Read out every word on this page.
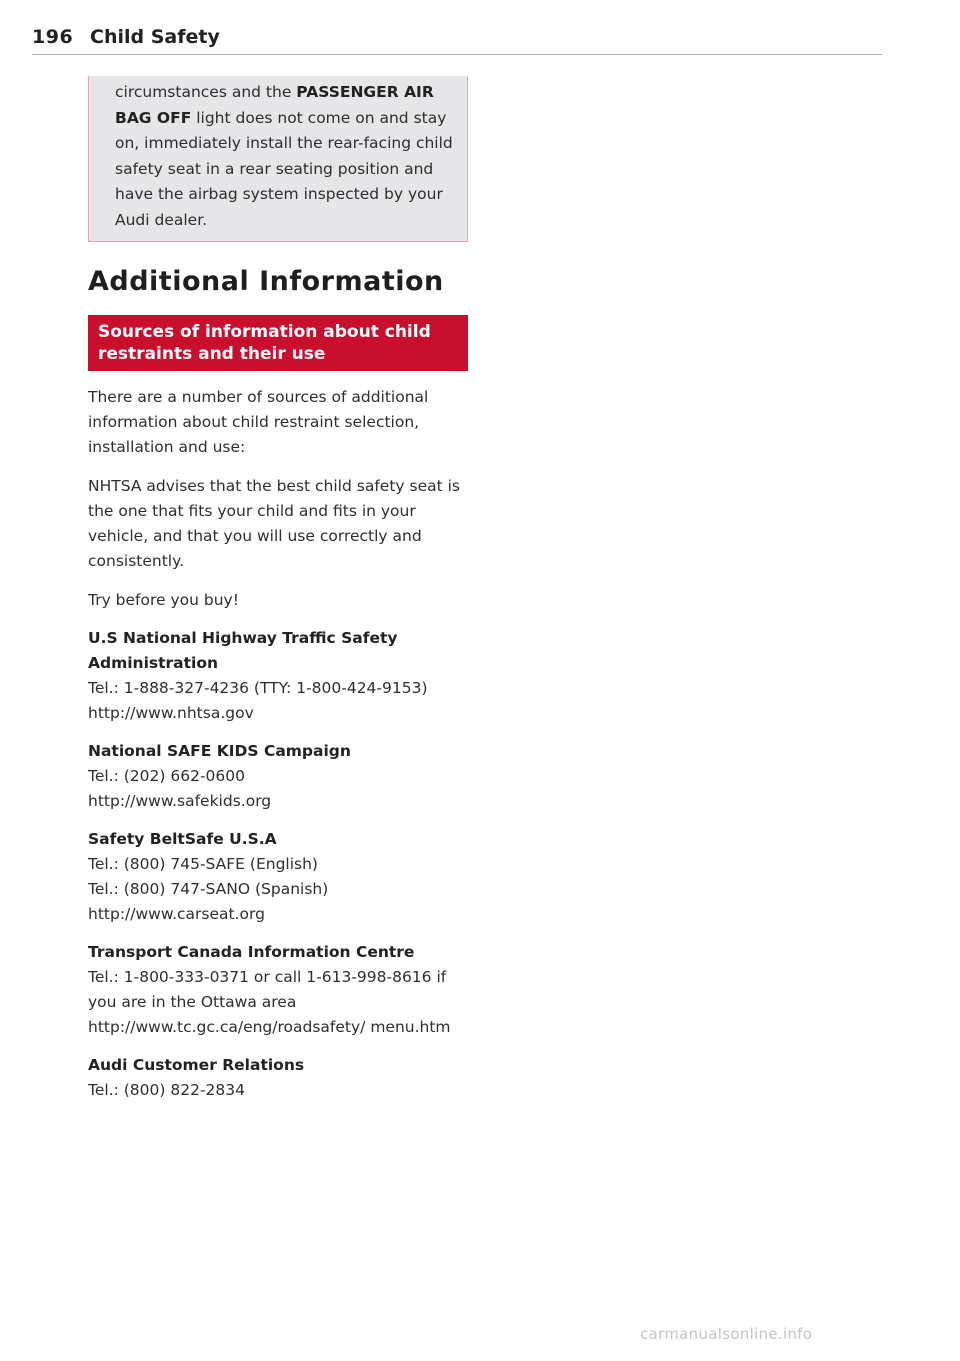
196 Child Safety
circumstances and the PASSENGER AIR BAG OFF light does not come on and stay on, immediately install the rear-facing child safety seat in a rear seating position and have the airbag system inspected by your Audi dealer.
Additional Information
Sources of information about child restraints and their use

There are a number of sources of additional information about child restraint selection, installation and use:

NHTSA advises that the best child safety seat is the one that fits your child and fits in your vehicle, and that you will use correctly and consistently.

Try before you buy!

U.S National Highway Traffic Safety Administration

Tel.: 1-888-327-4236 (TTY: 1-800-424-9153)

http://www.nhtsa.gov

National SAFE KIDS Campaign

Tel.: (202) 662-0600

http://www.safekids.org

Safety BeltSafe U.S.A

Tel.: (800) 745-SAFE (English)

Tel.: (800) 747-SANO (Spanish)

http://www.carseat.org

Transport Canada Information Centre

Tel.: 1-800-333-0371 or call 1-613-998-8616 if you are in the Ottawa area

http://www.tc.gc.ca/eng/roadsafety/ menu.htm

Audi Customer Relations

Tel.: (800) 822-2834

carmanualsonline.info
